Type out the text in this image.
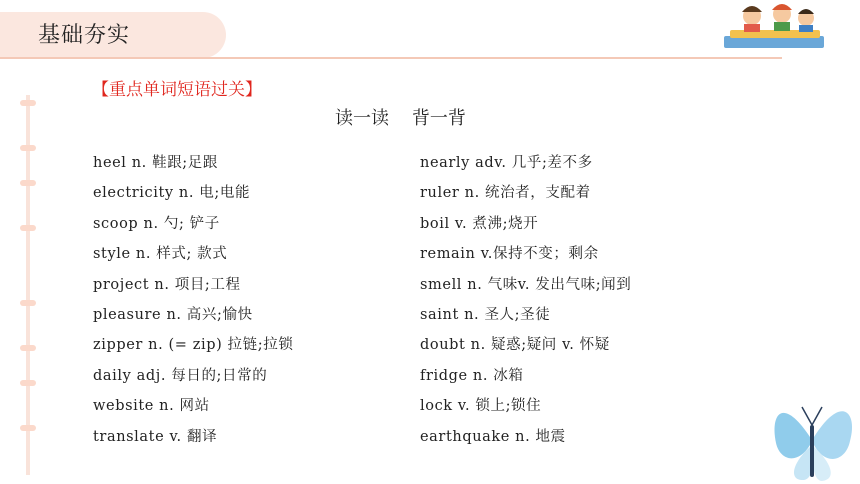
基础夯实
【重点单词短语过关】
读一读    背一背
heel n. 鞋跟;足跟
electricity n. 电;电能
scoop n. 勺; 铲子
style n. 样式; 款式
project n. 项目;工程
pleasure n. 高兴;愉快
zipper n. (= zip) 拉链;拉锁
daily adj. 每日的;日常的
website n. 网站
translate v. 翻译
nearly adv. 几乎;差不多
ruler n. 统治者，支配着
boil v. 煮沸;烧开
remain v.保持不变；剩余
smell n. 气味v. 发出气味;闻到
saint n. 圣人;圣徒
doubt n. 疑惑;疑问 v. 怀疑
fridge n. 冰箱
lock v. 锁上;锁住
earthquake n. 地震
